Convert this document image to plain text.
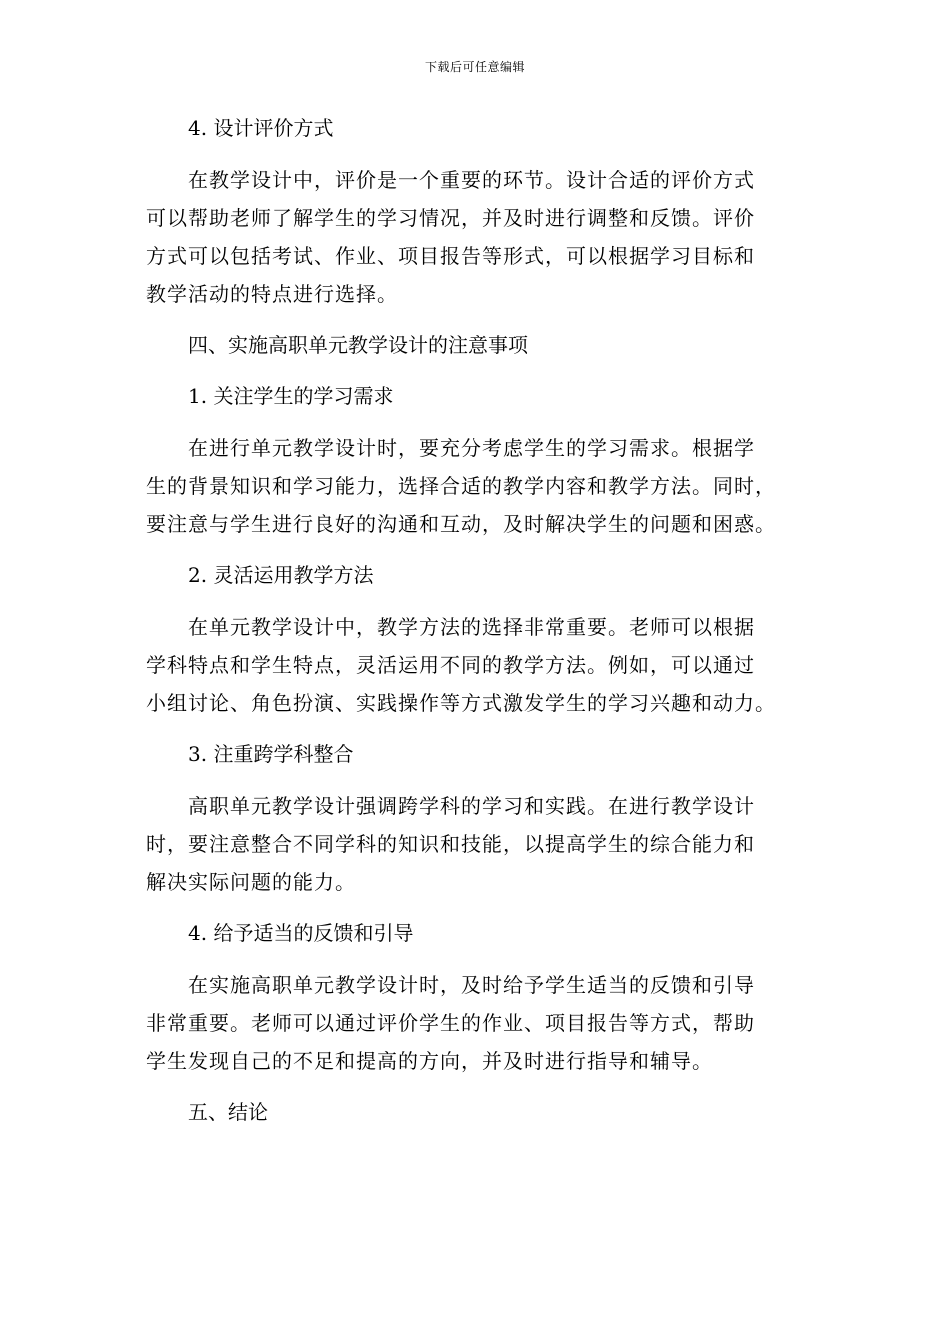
下载后可任意编辑

4. 设计评价方式

在教学设计中，评价是一个重要的环节。设计合适的评价方式
可以帮助老师了解学生的学习情况，并及时进行调整和反馈。评价
方式可以包括考试、作业、项目报告等形式，可以根据学习目标和
教学活动的特点进行选择。

四、实施高职单元教学设计的注意事项

1. 关注学生的学习需求

在进行单元教学设计时，要充分考虑学生的学习需求。根据学
生的背景知识和学习能力，选择合适的教学内容和教学方法。同时，
要注意与学生进行良好的沟通和互动，及时解决学生的问题和困惑。

2. 灵活运用教学方法

在单元教学设计中，教学方法的选择非常重要。老师可以根据
学科特点和学生特点，灵活运用不同的教学方法。例如，可以通过
小组讨论、角色扮演、实践操作等方式激发学生的学习兴趣和动力。

3. 注重跨学科整合

高职单元教学设计强调跨学科的学习和实践。在进行教学设计
时，要注意整合不同学科的知识和技能，以提高学生的综合能力和
解决实际问题的能力。

4. 给予适当的反馈和引导

在实施高职单元教学设计时，及时给予学生适当的反馈和引导
非常重要。老师可以通过评价学生的作业、项目报告等方式，帮助
学生发现自己的不足和提高的方向，并及时进行指导和辅导。

五、结论
